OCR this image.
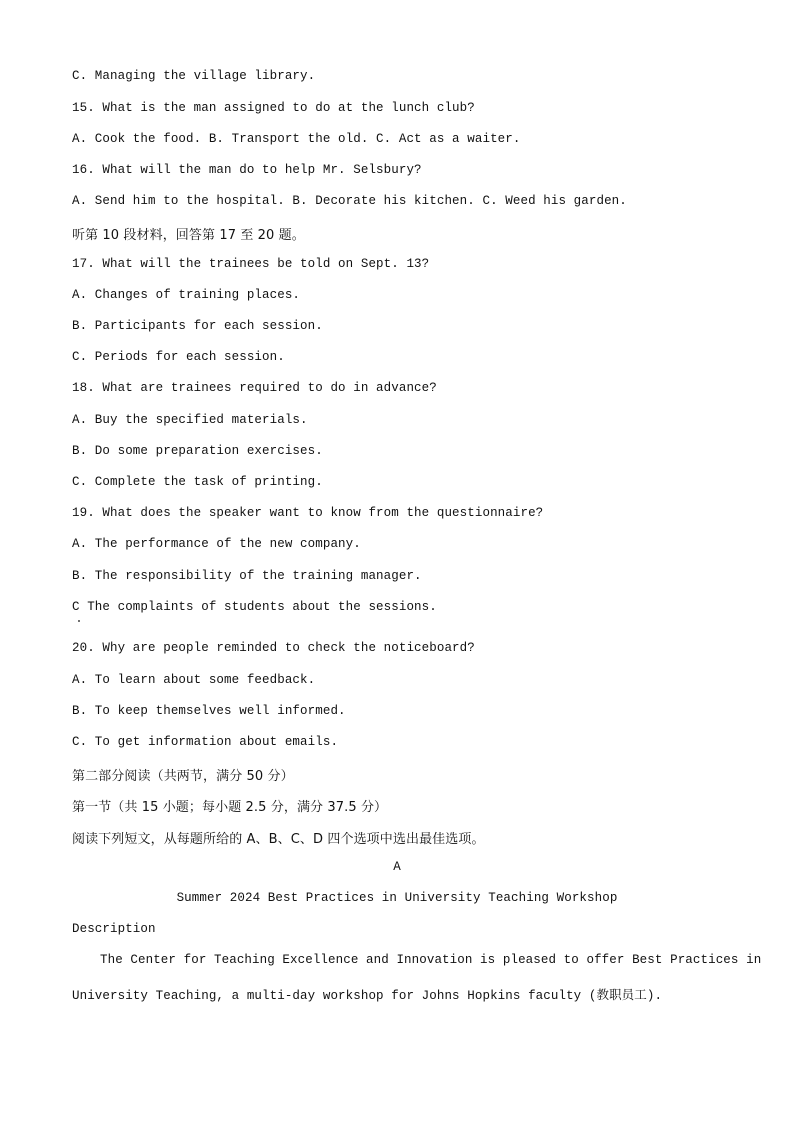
C. Managing the village library.
15. What is the man assigned to do at the lunch club?
A. Cook the food. B. Transport the old. C. Act as a waiter.
16. What will the man do to help Mr. Selsbury?
A. Send him to the hospital. B. Decorate his kitchen. C. Weed his garden.
听第 10 段材料，回答第 17 至 20 题。
17. What will the trainees be told on Sept. 13?
A. Changes of training places.
B. Participants for each session.
C. Periods for each session.
18. What are trainees required to do in advance?
A. Buy the specified materials.
B. Do some preparation exercises.
C. Complete the task of printing.
19. What does the speaker want to know from the questionnaire?
A. The performance of the new company.
B. The responsibility of the training manager.
C The complaints of students about the sessions.
20. Why are people reminded to check the noticeboard?
A. To learn about some feedback.
B. To keep themselves well informed.
C. To get information about emails.
第二部分阅读（共两节，满分 50 分）
第一节（共 15 小题；每小题 2.5 分，满分 37.5 分）
阅读下列短文，从每题所给的 A、B、C、D 四个选项中选出最佳选项。
A
Summer 2024 Best Practices in University Teaching Workshop
Description
The Center for Teaching Excellence and Innovation is pleased to offer Best Practices in
University Teaching, a multi-day workshop for Johns Hopkins faculty (教职员工).
